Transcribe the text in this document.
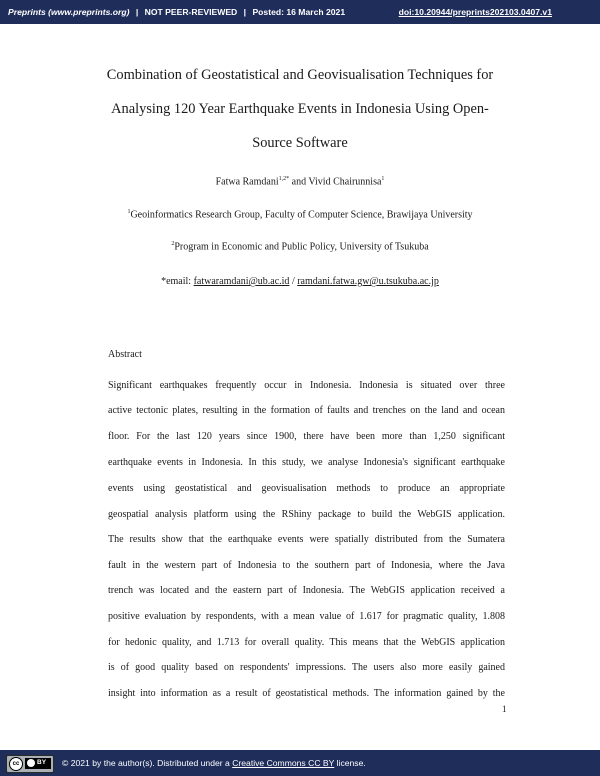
Preprints (www.preprints.org) | NOT PEER-REVIEWED | Posted: 16 March 2021	doi:10.20944/preprints202103.0407.v1
Combination of Geostatistical and Geovisualisation Techniques for
Analysing 120 Year Earthquake Events in Indonesia Using Open-
Source Software
Fatwa Ramdani$^{1,2*}$ and Vivid Chairunnisa$^1$
$^1$Geoinformatics Research Group, Faculty of Computer Science, Brawijaya University
$^2$Program in Economic and Public Policy, University of Tsukuba
*email: fatwaramdani@ub.ac.id / ramdani.fatwa.gw@u.tsukuba.ac.jp
Abstract
Significant earthquakes frequently occur in Indonesia. Indonesia is situated over three
active tectonic plates, resulting in the formation of faults and trenches on the land and ocean
floor. For the last 120 years since 1900, there have been more than 1,250 significant
earthquake events in Indonesia. In this study, we analyse Indonesia's significant earthquake
events using geostatistical and geovisualisation methods to produce an appropriate
geospatial analysis platform using the RShiny package to build the WebGIS application.
The results show that the earthquake events were spatially distributed from the Sumatera
fault in the western part of Indonesia to the southern part of Indonesia, where the Java
trench was located and the eastern part of Indonesia. The WebGIS application received a
positive evaluation by respondents, with a mean value of 1.617 for pragmatic quality, 1.808
for hedonic quality, and 1.713 for overall quality. This means that the WebGIS application
is of good quality based on respondents' impressions. The users also more easily gained
insight into information as a result of geostatistical methods. The information gained by the
1
cc	BY © 2021 by the author(s). Distributed under a Creative Commons CC BY license.
